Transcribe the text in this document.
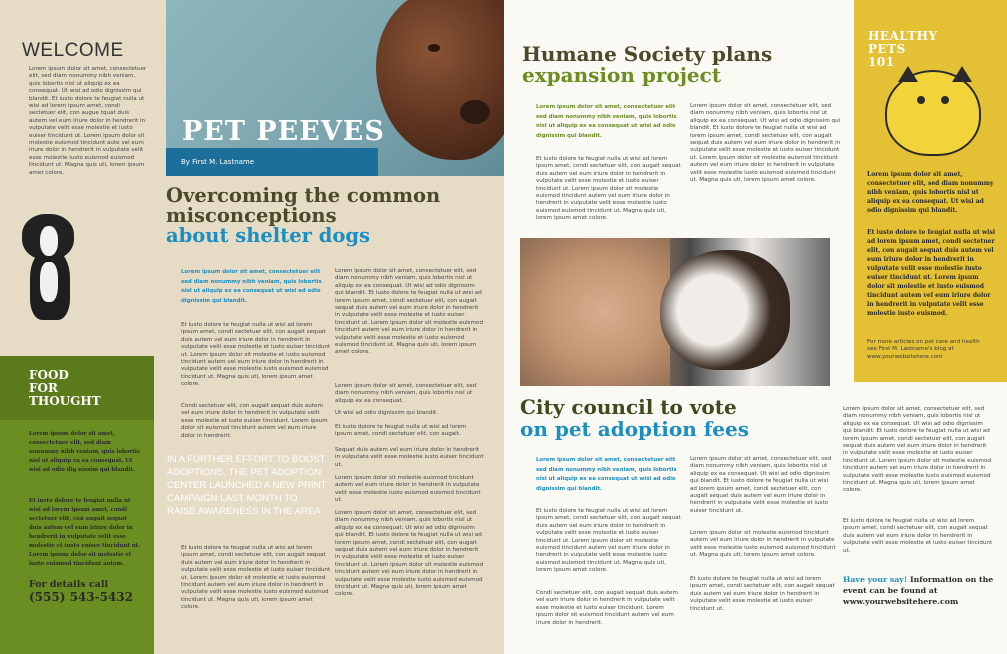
WELCOME

Lorem ipsum dolor sit amet, consectetuer elit, sed diam nonummy nibh veniam, quis lobortis nisl ut aliquip ex ea consequat. Ut wisi ad odio dignissim qui blandit. Et iusto dolore te feugiat nulla ut wisi ad lorem ipsum amet, condi sectetuer elit, con augue tquat duis autem vel eum iriure dolor in hendrerit in vulputate velit esse molestie et iusto euiser tincidunt ut. Lorem ipsum dolor sit molestie euismod tincidunt aute vel eum iriure dolor in hendrerit in vulputate velit esse molestie iusto euismod euismod tincidunt ut. Magna quis uti, lorem ipsum amet colore.

PET PEEVES
By First M. Lastname
Overcoming the common
misconceptions
about shelter dogs

Lorem ipsum dolor sit amet, consectetuer elit sed diam nonummy nibh veniam, quis lobortis nisl ut aliquip ex ea consequat ut wisi ad odio dignissim qui blandit.

Et iusto dolore te feugiat nulla ut wisi ad lorem ipsum amet, condi sectetuer elit, con augait sequat duis autem vel eum iriure dolor in hendrerit in vulputate velit esse molestie et iusto euiser tincidunt ut. Lorem ipsum dolor sit molestie et iusto euismod tincidunt autem vel eum iriure dolor in hendrerit in vulputate velit esse molestie iusto euismod euismod tincidunt ut. Magna quis uti, lorem ipsum amet colore.

Condi sectetuer elit, con augait sequat duis autem vel eum iriure dolor in hendrerit in vulputate velit esse molestie et iusto euiser tincidunt. Lorem ipsum dolor sit euismod tincidunt autem vel eum iriure dolor in hendrerit.

IN A FURTHER EFFORT TO BOOST ADOPTIONS, THE PET ADOPTION CENTER LAUNCHED A NEW PRINT CAMPAIGN LAST MONTH TO RAISE AWARENESS IN THE AREA

Et iusto dolore te feugiat nulla ut wisi ad lorem ipsum amet, condi sectetuer elit, con augait sequat duis autem vel eum iriure dolor in hendrerit in vulputate velit esse molestie et iusto euiser tincidunt ut. Lorem ipsum dolor sit molestie et iusto euismod tincidunt autem vel eum iriure dolor in hendrerit in vulputate velit esse molestie iusto euismod euismod tincidunt ut. Magna quis uti, lorem ipsum amet colore.

Lorem ipsum dolor sit amet, consectetuer elit, sed diam nonummy nibh veniam, quis lobortis nisl ut aliquip ex ea consequat. Ut wisi ad odio dignissim qui blandit. Et iusto dolore te feugiat nulla ut wisi ad lorem ipsum amet, condi sectetuer elit, con augait sequat duis autem vel eum iriure dolor in hendrerit in vulputate velit esse molestie et iusto euiser tincidunt ut. Lorem ipsum dolor sit molestie euismod tincidunt autem vel eum iriure dolor in hendrerit in vulputate velit esse molestie et iusto euismod euismod tincidunt ut. Magna quis uti, lorem ipsum amet colore.

Lorem ipsum dolor sit amet, consectetuer elit, sed diam nonummy nibh veniam, quis lobortis nisl ut aliquip ex ea consequat.

Ut wisi ad odio dignissim qui blandit.

Et iusto dolore te feugiat nulla ut wisi ad lorem ipsum amet, condi sectetuer elit, con augait.

Sequat duis autem vel eum iriure dolor in hendrerit in vulputate velit esse molestie iusto euiser tincidunt ut.

Lorem ipsum dolor sit molestie euismod tincidunt autem vel eum iriure dolor in hendrerit in vulputate velit esse molestie iusto euismod euismod tincidunt ut.

Lorem ipsum dolor sit amet, consectetuer elit, sed diam nonummy nibh veniam, quis lobortis nisl ut aliquip ex ea consequat. Ut wisi ad odio dignissim qui blandit. Et iusto dolore te feugiat nulla ut wisi ad lorem ipsum amet, condi sectetuer elit, con augait sequat duis autem vel eum iriure dolor in hendrerit in vulputate velit esse molestie et iusto euiser tincidunt ut. Lorem ipsum dolor sit molestie euismod tincidunt autem vel eum iriure dolor in hendrerit in vulputate velit esse molestie iusto euismod euismod tincidunt ut. Magna quis uti, lorem ipsum amet colore.

FOOD
FOR
THOUGHT

Lorem ipsum dolor sit amet, consectetuer elit, sed diam nonummy nibh veniam, quis lobortis nisl ut aliquip ex ea consequat. Ut wisi ad odio dig nissim qui blandit.

Et iusto dolore te feugiat nulla ut wisi ad lorem ipsum amet, condi sectetuer elit, con augait sequat duis autem vel eum iriure dolor in hendrerit in vulputate velit esse molestie et iusto euiser tincidunt ut. Lorem ipsum dolor sit molestie et iusto euismod tincidunt autem.

For details call
(555) 543-5432
Humane Society plans
expansion project

Lorem ipsum dolor sit amet, consectetuer elit sed diam nonummy nibh veniam, quis lobortis nisl ut aliquip ex ea consequat ut wisi ad odio dignissim qui blandit.

Et iusto dolore te feugiat nulla ut wisi ad lorem ipsum amet, condi sectetuer elit, con augait sequat duis autem vel eum iriure dolor in hendrerit in vulputate velit esse molestie et iusto euiser tincidunt ut. Lorem ipsum dolor sit molestie euismod tincidunt autem vel eum iriure dolor in hendrerit in vulputate velit esse molestie iusto euismod euismod tincidunt ut. Magna quis uti, lorem ipsum amet colore.

Lorem ipsum dolor sit amet, consectetuer elit, sed diam nonummy nibh veniam, quis lobortis nisl ut aliquip ex ea consequat. Ut wisi ad odio dignissim qui blandit. Et iusto dolore te feugiat nulla ut wisi ad lorem ipsum amet, condi sectetuer elit, con augait sequat duis autem vel eum iriure dolor in hendrerit in vulputate velit esse molestie et iusto euiser tincidunt ut. Lorem ipsum dolor sit molestie euismod tincidunt autem vel eum iriure dolor in hendrerit in vulputate velit esse molestie iusto euismod euismod tincidunt ut. Magna quis uti, lorem ipsum amet colore.

HEALTHY
PETS
101

Lorem ipsum dolor sit amet, consectetuer elit, sed diam nonummy nibh veniam, quis lobortis nisl ut aliquip ex ea consequat. Ut wisi ad odio dignissim qui blandit.

Et iusto dolore te feugiat nulla ut wisi ad lorem ipsum amet, condi sectetuer elit, con augait sequat duis autem vel eum iriure dolor in hendrerit in vulputate velit esse molestie iusto euiser tincidunt ut. Lorem ipsum dolor sit molestie et iusto euismod tincidunt autem vel eum iriure dolor in hendrerit in vulputate velit esse molestie iusto euismod.

For more articles on pet care and health see First M. Lastname's blog at www.yourwebsitehere.com

City council to vote
on pet adoption fees

Lorem ipsum dolor sit amet, consectetuer elit sed diam nonummy nibh veniam, quis lobortis nisl ut aliquip ex ea consequat ut wisi ad odio dignissim qui blandit.

Et iusto dolore te feugiat nulla ut wisi ad lorem ipsum amet, condi sectetuer elit, con augait sequat duis autem vel eum iriure dolor in hendrerit in vulputate velit esse molestie et iusto euiser tincidunt ut. Lorem ipsum dolor sit molestie euismod tincidunt autem vel eum iriure dolor in hendrerit in vulputate velit esse molestie iusto euismod euismod tincidunt ut. Magna quis uti, lorem ipsum amet colore.

Condi sectetuer elit, con augait sequat duis autem vel eum iriure dolor in hendrerit in vulputate velit esse molestie et iusto euiser tincidunt. Lorem ipsum dolor sit euismod tincidunt autem vel eum iriure dolor in hendrerit.

Lorem ipsum dolor sit amet, consectetuer elit, sed diam nonummy nibh veniam, quis lobortis nisl ut aliquip ex ea consequat. Ut wisi ad odio dignissim qui blandit. Et iusto dolore te feugiat nulla ut wisi ad lorem ipsum amet, condi sectetuer elit, con augait sequat duis autem vel eum iriure dolor in hendrerit in vulputate velit esse molestie et iusto euiser tincidunt ut.

Lorem ipsum dolor sit molestie euismod tincidunt autem vel eum iriure dolor in hendrerit in vulputate velit esse molestie iusto euismod euismod tincidunt ut. Magna quis uti, lorem ipsum amet colore.

Et iusto dolore te feugiat nulla ut wisi ad lorem ipsum amet, condi sectetuer elit, con augait sequat duis autem vel eum iriure dolor in hendrerit in vulputate velit esse molestie et iusto euiser tincidunt ut.

Lorem ipsum dolor sit amet, consectetuer elit, sed diam nonummy nibh veniam, quis lobortis nisl ut aliquip ex ea consequat. Ut wisi ad odio dignissim qui blandit. Et iusto dolore te feugiat nulla ut wisi ad lorem ipsum amet, condi sectetuer elit, con augait sequat duis autem vel eum iriure dolor in hendrerit in vulputate velit esse molestie et iusto euiser tincidunt ut. Lorem ipsum dolor sit molestie euismod tincidunt autem vel eum iriure dolor in hendrerit in vulputate velit esse molestie iusto euismod euismod tincidunt ut. Magna quis uti, lorem ipsum amet colore.

Et iusto dolore te feugiat nulla ut wisi ad lorem ipsum amet, condi sectetuer elit, con augait sequat duis autem vel eum iriure dolor in hendrerit in vulputate velit esse molestie et iusto euiser tincidunt ut.

Have your say! Information on the event can be found at
www.yourwebsitehere.com
